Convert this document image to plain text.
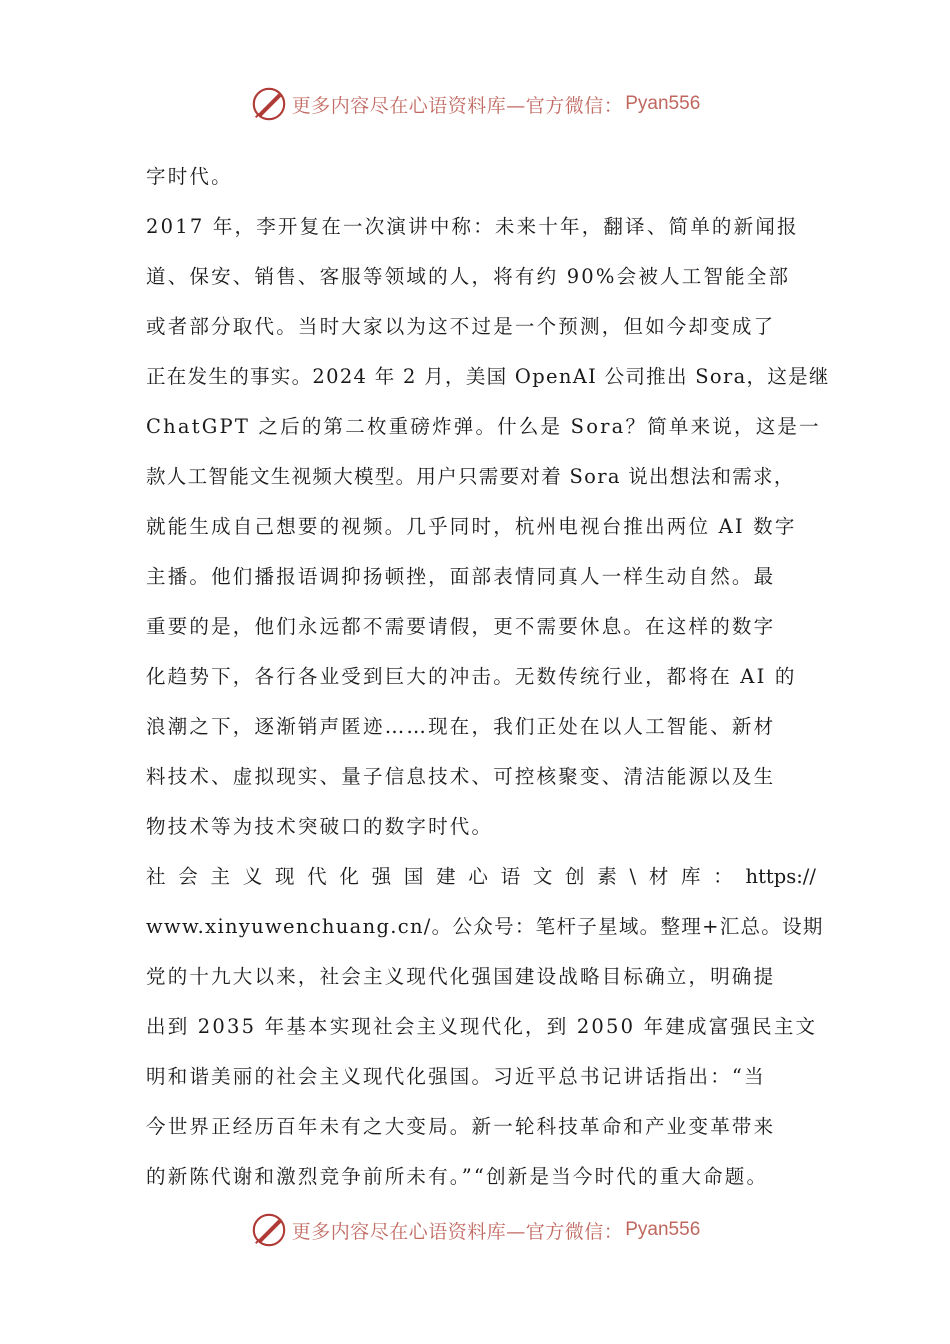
更多内容尽在心语资料库—官方微信： Pyan556
字时代。
2017 年，李开复在一次演讲中称：未来十年，翻译、简单的新闻报
道、保安、销售、客服等领域的人，将有约 90%会被人工智能全部
或者部分取代。当时大家以为这不过是一个预测，但如今却变成了
正在发生的事实。2024 年 2 月，美国 OpenAI 公司推出 Sora，这是继
ChatGPT 之后的第二枚重磅炸弹。什么是 Sora？简单来说，这是一
款人工智能文生视频大模型。用户只需要对着 Sora 说出想法和需求，
就能生成自己想要的视频。几乎同时，杭州电视台推出两位 AI 数字
主播。他们播报语调抑扬顿挫，面部表情同真人一样生动自然。最
重要的是，他们永远都不需要请假，更不需要休息。在这样的数字
化趋势下，各行各业受到巨大的冲击。无数传统行业，都将在 AI 的
浪潮之下，逐渐销声匿迹……现在，我们正处在以人工智能、新材
料技术、虚拟现实、量子信息技术、可控核聚变、清洁能源以及生
物技术等为技术突破口的数字时代。
社 会 主 义 现 代 化 强 国 建 心 语 文 创 素 \ 材 库 ： https://
www.xinyuwenchuang.cn/。公众号：笔杆子星域。整理+汇总。设期
党的十九大以来，社会主义现代化强国建设战略目标确立，明确提
出到 2035 年基本实现社会主义现代化，到 2050 年建成富强民主文
明和谐美丽的社会主义现代化强国。习近平总书记讲话指出：“当
今世界正经历百年未有之大变局。新一轮科技革命和产业变革带来
的新陈代谢和激烈竞争前所未有。”“创新是当今时代的重大命题。
更多内容尽在心语资料库—官方微信： Pyan556
